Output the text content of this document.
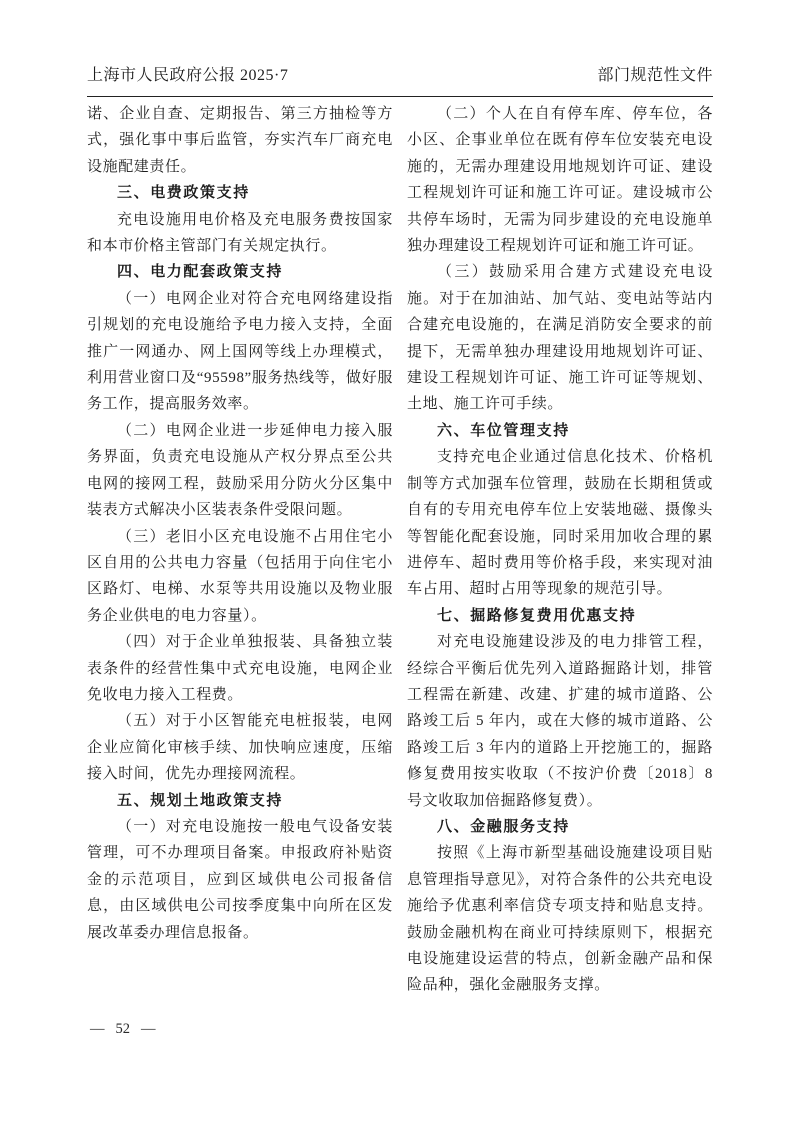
上海市人民政府公报 2025·7	部门规范性文件

诺、企业自查、定期报告、第三方抽检等方式，强化事中事后监管，夯实汽车厂商充电设施配建责任。

三、电费政策支持

充电设施用电价格及充电服务费按国家和本市价格主管部门有关规定执行。

四、电力配套政策支持

（一）电网企业对符合充电网络建设指引规划的充电设施给予电力接入支持，全面推广一网通办、网上国网等线上办理模式，利用营业窗口及“95598”服务热线等，做好服务工作，提高服务效率。

（二）电网企业进一步延伸电力接入服务界面，负责充电设施从产权分界点至公共电网的接网工程，鼓励采用分防火分区集中装表方式解决小区装表条件受限问题。

（三）老旧小区充电设施不占用住宅小区自用的公共电力容量（包括用于向住宅小区路灯、电梯、水泵等共用设施以及物业服务企业供电的电力容量）。

（四）对于企业单独报装、具备独立装表条件的经营性集中式充电设施，电网企业免收电力接入工程费。

（五）对于小区智能充电桩报装，电网企业应简化审核手续、加快响应速度，压缩接入时间，优先办理接网流程。

五、规划土地政策支持

（一）对充电设施按一般电气设备安装管理，可不办理项目备案。申报政府补贴资金的示范项目，应到区域供电公司报备信息，由区域供电公司按季度集中向所在区发展改革委办理信息报备。

（二）个人在自有停车库、停车位，各小区、企事业单位在既有停车位安装充电设施的，无需办理建设用地规划许可证、建设工程规划许可证和施工许可证。建设城市公共停车场时，无需为同步建设的充电设施单独办理建设工程规划许可证和施工许可证。

（三）鼓励采用合建方式建设充电设施。对于在加油站、加气站、变电站等站内合建充电设施的，在满足消防安全要求的前提下，无需单独办理建设用地规划许可证、建设工程规划许可证、施工许可证等规划、土地、施工许可手续。

六、车位管理支持

支持充电企业通过信息化技术、价格机制等方式加强车位管理，鼓励在长期租赁或自有的专用充电停车位上安装地磁、摄像头等智能化配套设施，同时采用加收合理的累进停车、超时费用等价格手段，来实现对油车占用、超时占用等现象的规范引导。

七、掘路修复费用优惠支持

对充电设施建设涉及的电力排管工程，经综合平衡后优先列入道路掘路计划，排管工程需在新建、改建、扩建的城市道路、公路竣工后 5 年内，或在大修的城市道路、公路竣工后 3 年内的道路上开挖施工的，掘路修复费用按实收取（不按沪价费〔2018〕8 号文收取加倍掘路修复费）。

八、金融服务支持

按照《上海市新型基础设施建设项目贴息管理指导意见》，对符合条件的公共充电设施给予优惠利率信贷专项支持和贴息支持。鼓励金融机构在商业可持续原则下，根据充电设施建设运营的特点，创新金融产品和保险品种，强化金融服务支撑。

— 52 —
